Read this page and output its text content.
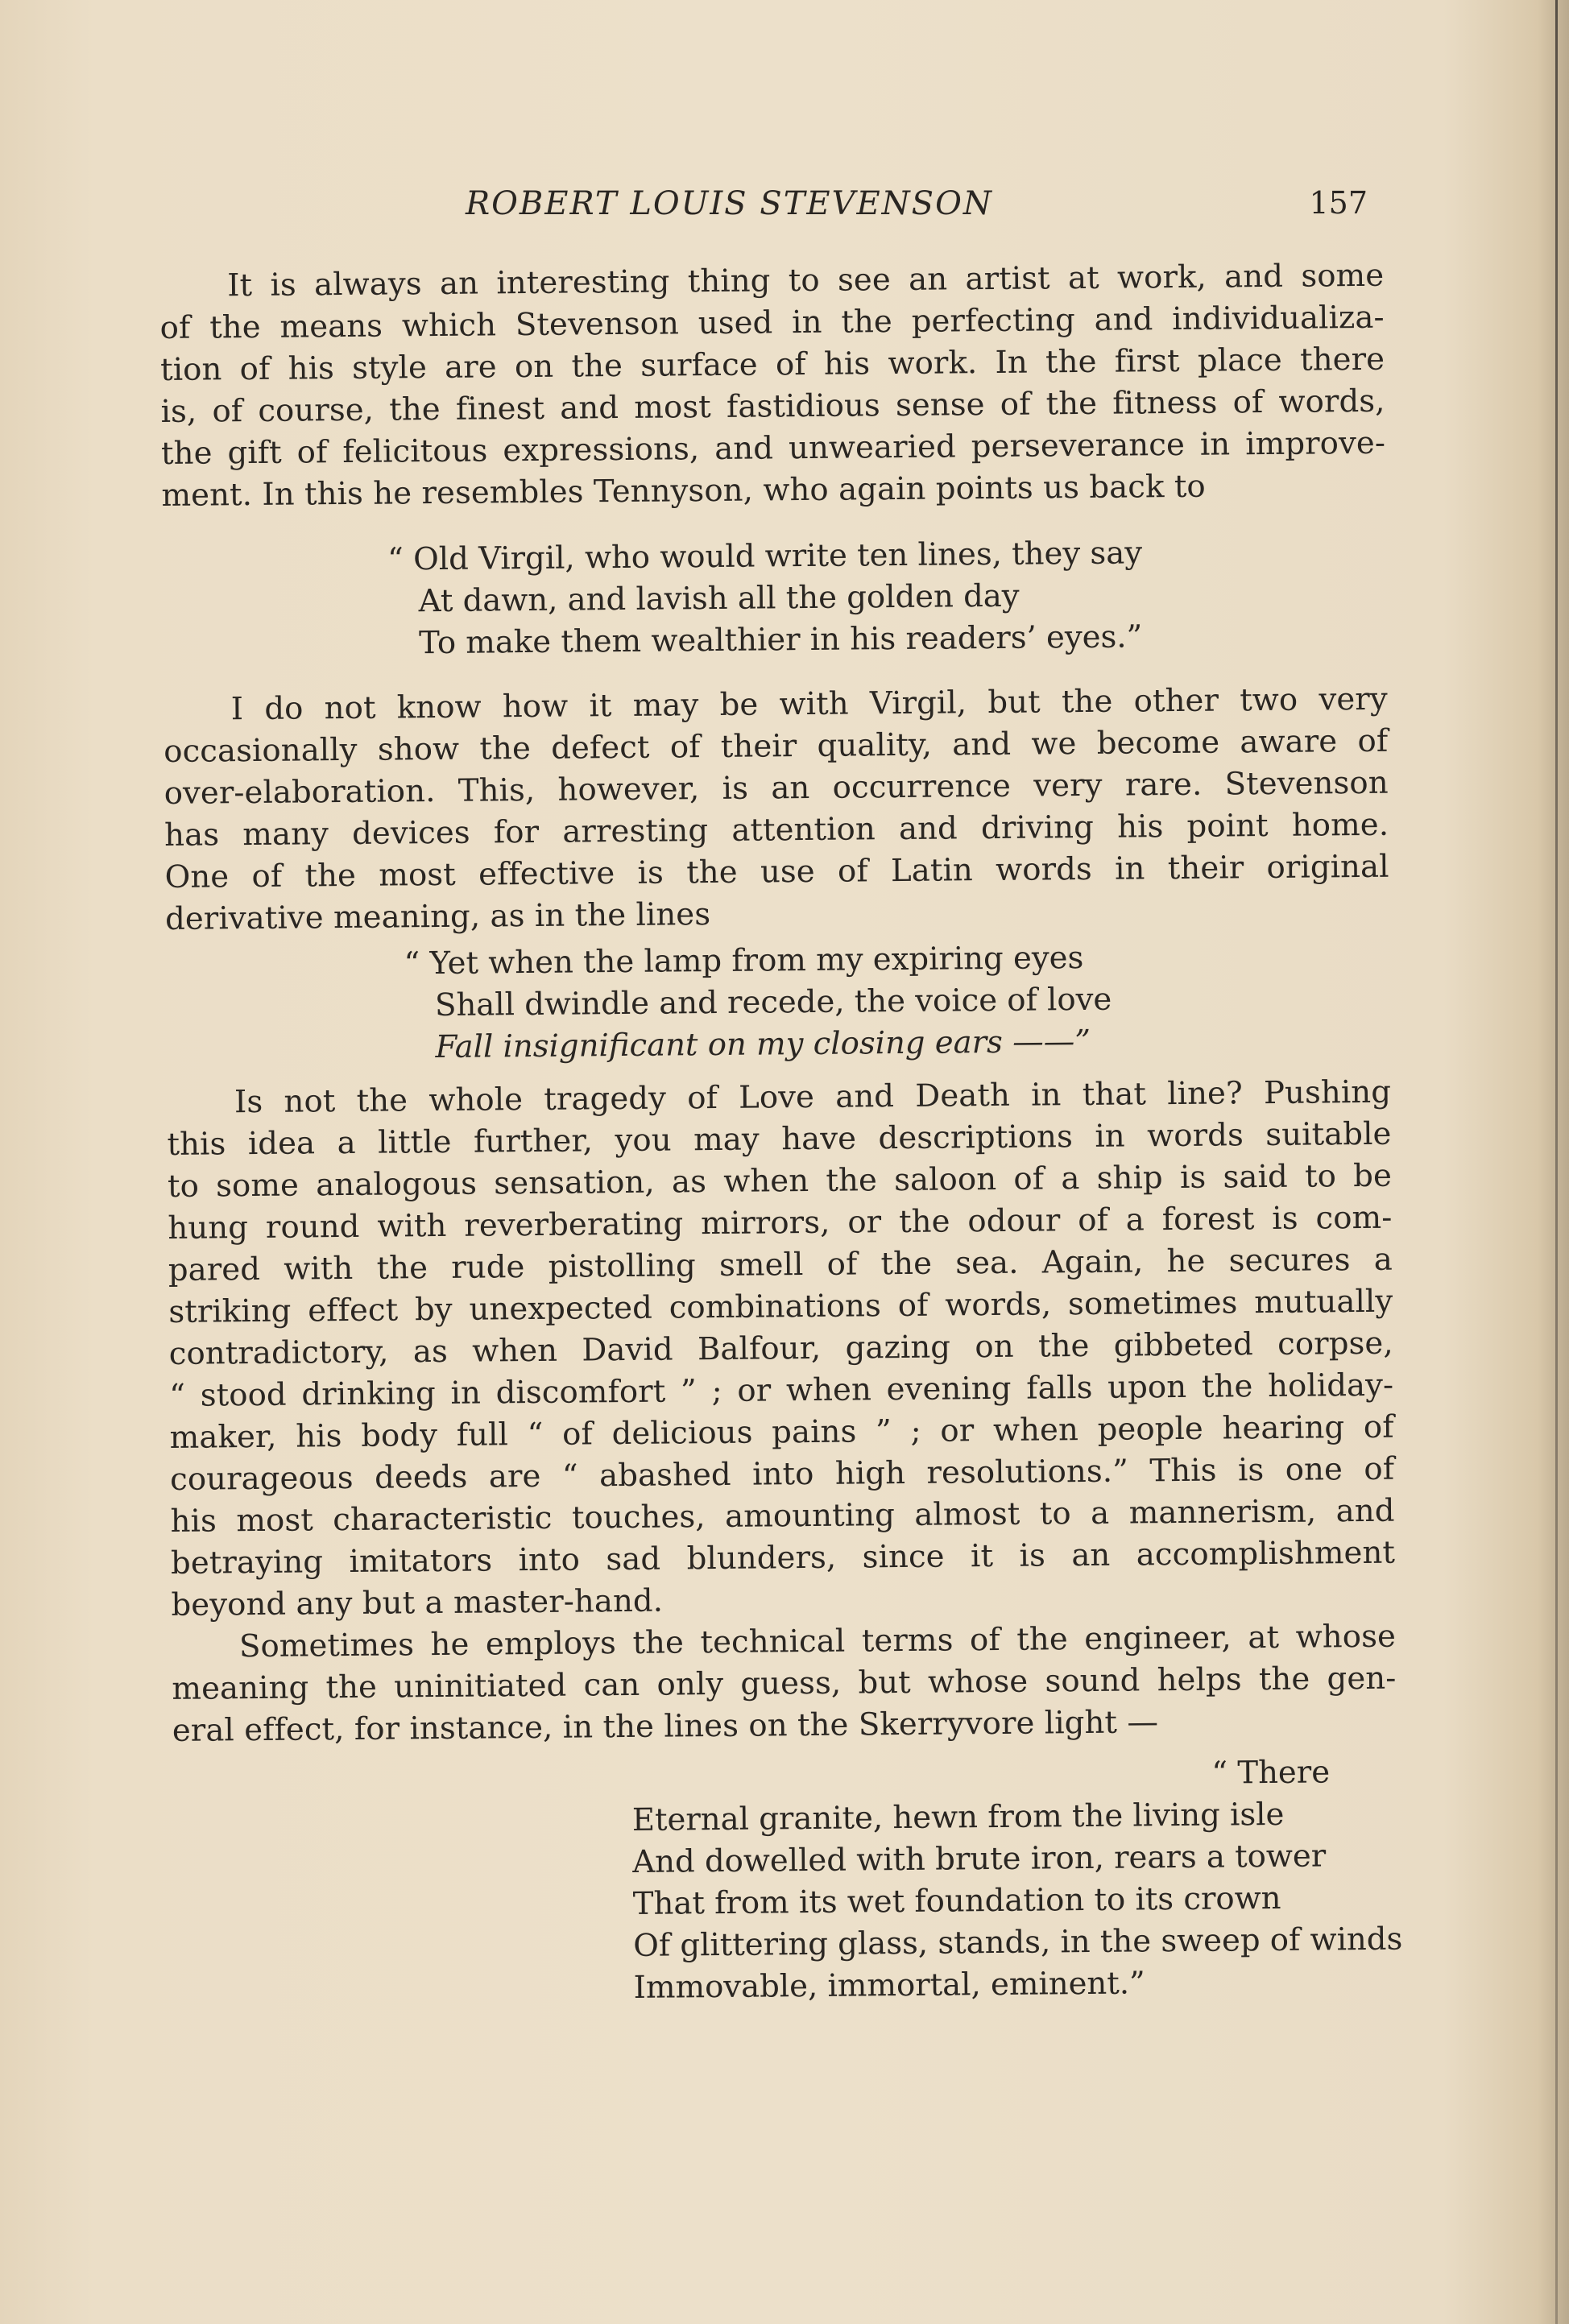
ROBERT LOUIS STEVENSON	157
It is always an interesting thing to see an artist at work, and some
of the means which Stevenson used in the perfecting and individualiza-
tion of his style are on the surface of his work. In the first place there
is, of course, the finest and most fastidious sense of the fitness of words,
the gift of felicitous expressions, and unwearied perseverance in improve-
ment. In this he resembles Tennyson, who again points us back to
“ Old Virgil, who would write ten lines, they say
At dawn, and lavish all the golden day
To make them wealthier in his readers’ eyes.”
I do not know how it may be with Virgil, but the other two very
occasionally show the defect of their quality, and we become aware of
over-elaboration. This, however, is an occurrence very rare. Stevenson
has many devices for arresting attention and driving his point home.
One of the most effective is the use of Latin words in their original
derivative meaning, as in the lines
“ Yet when the lamp from my expiring eyes
Shall dwindle and recede, the voice of love
Fall insignificant on my closing ears ——”
Is not the whole tragedy of Love and Death in that line? Pushing
this idea a little further, you may have descriptions in words suitable
to some analogous sensation, as when the saloon of a ship is said to be
hung round with reverberating mirrors, or the odour of a forest is com-
pared with the rude pistolling smell of the sea. Again, he secures a
striking effect by unexpected combinations of words, sometimes mutually
contradictory, as when David Balfour, gazing on the gibbeted corpse,
“ stood drinking in discomfort ” ; or when evening falls upon the holiday-
maker, his body full “ of delicious pains ” ; or when people hearing of
courageous deeds are “ abashed into high resolutions.” This is one of
his most characteristic touches, amounting almost to a mannerism, and
betraying imitators into sad blunders, since it is an accomplishment
beyond any but a master-hand.
Sometimes he employs the technical terms of the engineer, at whose
meaning the uninitiated can only guess, but whose sound helps the gen-
eral effect, for instance, in the lines on the Skerryvore light —
“ There
Eternal granite, hewn from the living isle
And dowelled with brute iron, rears a tower
That from its wet foundation to its crown
Of glittering glass, stands, in the sweep of winds
Immovable, immortal, eminent.”
